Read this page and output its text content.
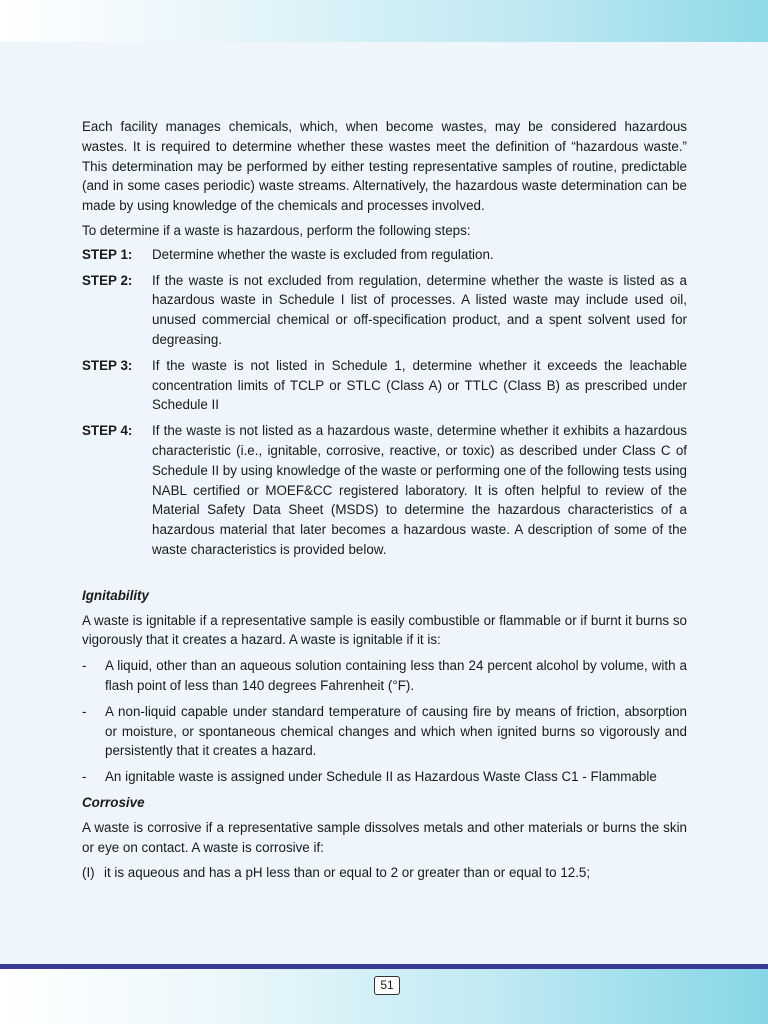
Each facility manages chemicals, which, when become wastes, may be considered hazardous wastes. It is required to determine whether these wastes meet the definition of “hazardous waste.” This determination may be performed by either testing representative samples of routine, predictable (and in some cases periodic) waste streams. Alternatively, the hazardous waste determination can be made by using knowledge of the chemicals and processes involved.

To determine if a waste is hazardous, perform the following steps:

STEP 1:	Determine whether the waste is excluded from regulation.
STEP 2:	If the waste is not excluded from regulation, determine whether the waste is listed as a hazardous waste in Schedule I list of processes. A listed waste may include used oil, unused commercial chemical or off-specification product, and a spent solvent used for degreasing.
STEP 3:	If the waste is not listed in Schedule 1, determine whether it exceeds the leachable concentration limits of TCLP or STLC (Class A) or TTLC (Class B) as prescribed under Schedule II
STEP 4:	If the waste is not listed as a hazardous waste, determine whether it exhibits a hazardous characteristic (i.e., ignitable, corrosive, reactive, or toxic) as described under Class C of Schedule II by using knowledge of the waste or performing one of the following tests using NABL certified or MOEF&CC registered laboratory. It is often helpful to review of the Material Safety Data Sheet (MSDS) to determine the hazardous characteristics of a hazardous material that later becomes a hazardous waste. A description of some of the waste characteristics is provided below.

Ignitability

A waste is ignitable if a representative sample is easily combustible or flammable or if burnt it burns so vigorously that it creates a hazard. A waste is ignitable if it is:

-	A liquid, other than an aqueous solution containing less than 24 percent alcohol by volume, with a flash point of less than 140 degrees Fahrenheit (°F).
-	A non-liquid capable under standard temperature of causing fire by means of friction, absorption or moisture, or spontaneous chemical changes and which when ignited burns so vigorously and persistently that it creates a hazard.
-	An ignitable waste is assigned under Schedule II as Hazardous Waste Class C1 - Flammable

Corrosive

A waste is corrosive if a representative sample dissolves metals and other materials or burns the skin or eye on contact. A waste is corrosive if:

(I) it is aqueous and has a pH less than or equal to 2 or greater than or equal to 12.5;
51
